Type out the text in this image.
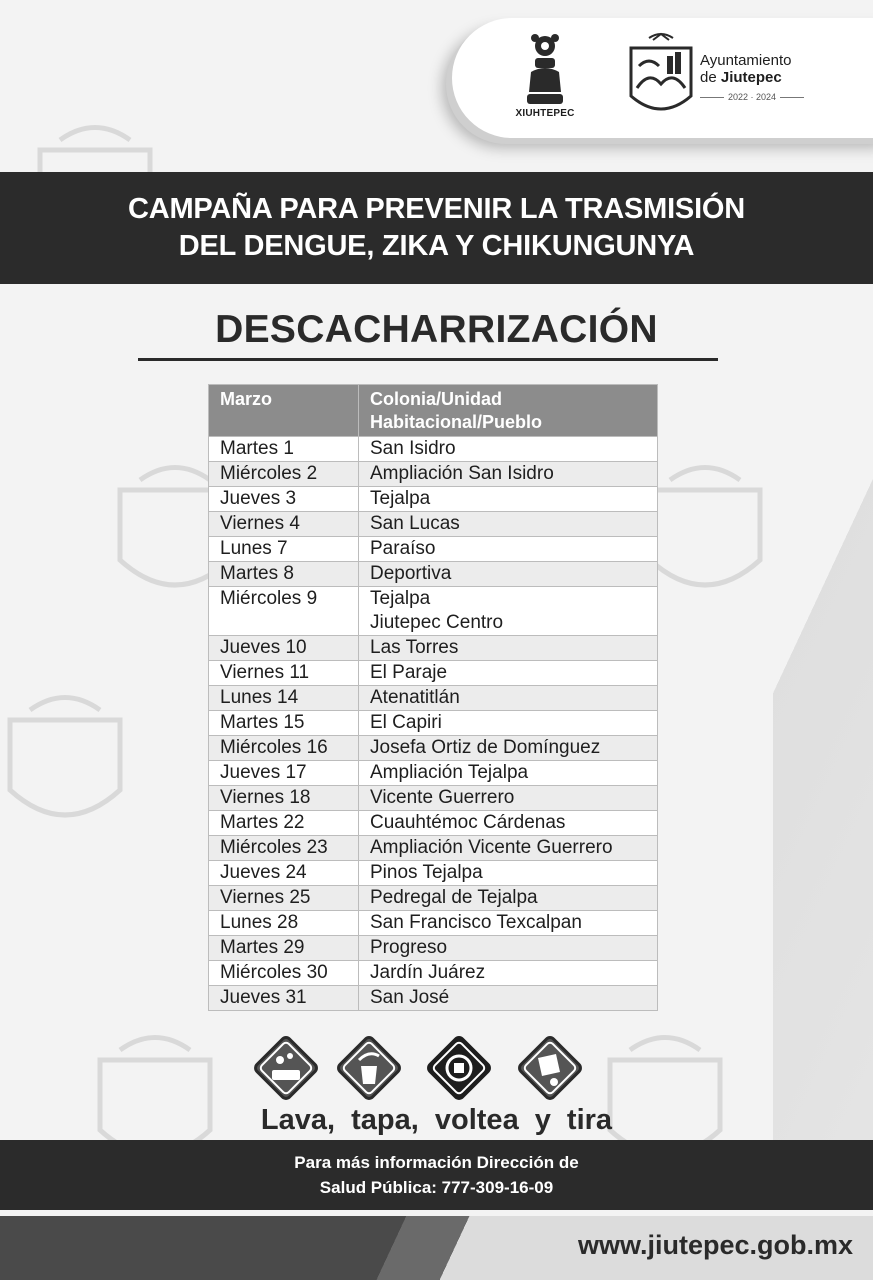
XIUHTEPEC
Ayuntamiento
de Jiutepec
2022 · 2024
CAMPAÑA PARA PREVENIR LA TRASMISIÓN
DEL DENGUE, ZIKA Y CHIKUNGUNYA
DESCACHARRIZACIÓN
Marzo	Colonia/Unidad
Habitacional/Pueblo
Martes 1	San Isidro
Miércoles 2	Ampliación San Isidro
Jueves 3	Tejalpa
Viernes 4	San Lucas
Lunes 7	Paraíso
Martes 8	Deportiva
Miércoles 9	Tejalpa
Jiutepec Centro

Jueves 10	Las Torres
Viernes 11	El Paraje
Lunes 14	Atenatitlán
Martes 15	El Capiri
Miércoles 16	Josefa Ortiz de Domínguez
Jueves 17	Ampliación Tejalpa
Viernes 18	Vicente Guerrero
Martes 22	Cuauhtémoc Cárdenas
Miércoles 23	Ampliación Vicente Guerrero
Jueves 24	Pinos Tejalpa
Viernes 25	Pedregal de Tejalpa
Lunes 28	San Francisco Texcalpan
Martes 29	Progreso
Miércoles 30	Jardín Juárez
Jueves 31	San José
Lava, tapa, voltea y tira
Para más información Dirección de
Salud Pública: 777-309-16-09
www.jiutepec.gob.mx
